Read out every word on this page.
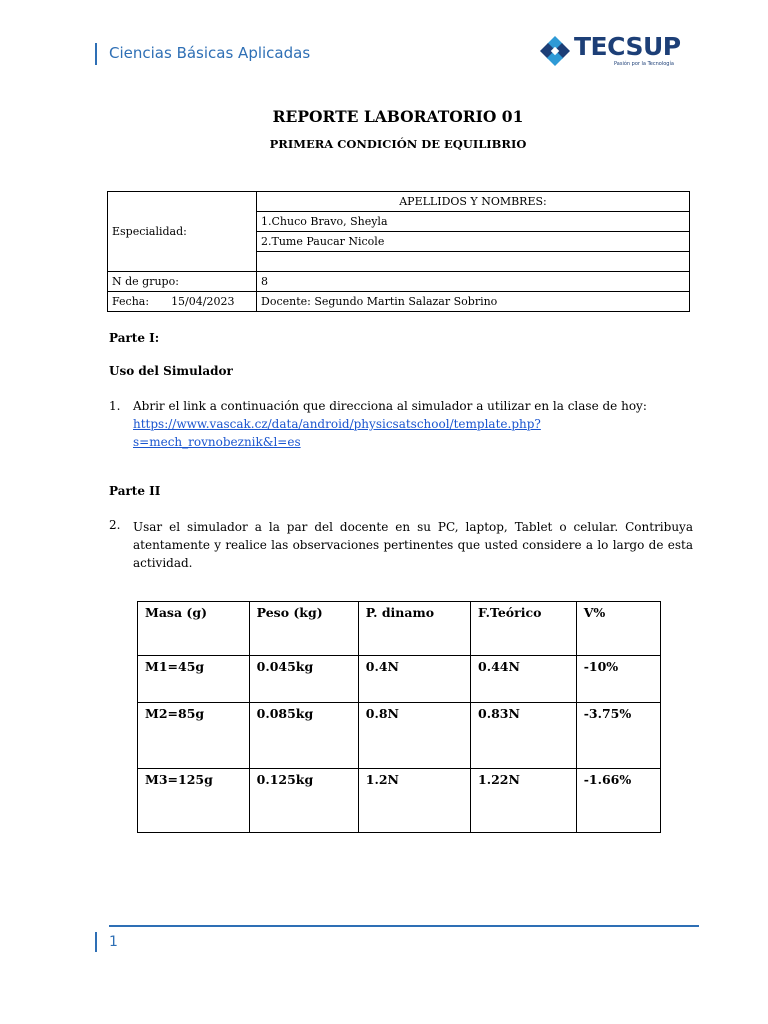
Ciencias Básicas Aplicadas	TECSUP
Pasión por la Tecnología
REPORTE LABORATORIO 01
PRIMERA CONDICIÓN DE EQUILIBRIO
Especialidad:	APELLIDOS Y NOMBRES:
	1.Chuco Bravo, Sheyla
	2.Tume Paucar Nicole

N de grupo:	8
Fecha: 15/04/2023	Docente: Segundo Martin Salazar Sobrino
Parte I:
Uso del Simulador
1. Abrir el link a continuación que direcciona al simulador a utilizar en la clase de hoy:
https://www.vascak.cz/data/android/physicsatschool/template.php?
s=mech_rovnobeznik&l=es
Parte II
2. Usar el simulador a la par del docente en su PC, laptop, Tablet o celular. Contribuya atentamente y realice las observaciones pertinentes que usted considere a lo largo de esta actividad.
Masa (g)	Peso (kg)	P. dinamo	F.Teórico	V%
M1=45g	0.045kg	0.4N	0.44N	-10%
M2=85g	0.085kg	0.8N	0.83N	-3.75%
M3=125g	0.125kg	1.2N	1.22N	-1.66%
1
